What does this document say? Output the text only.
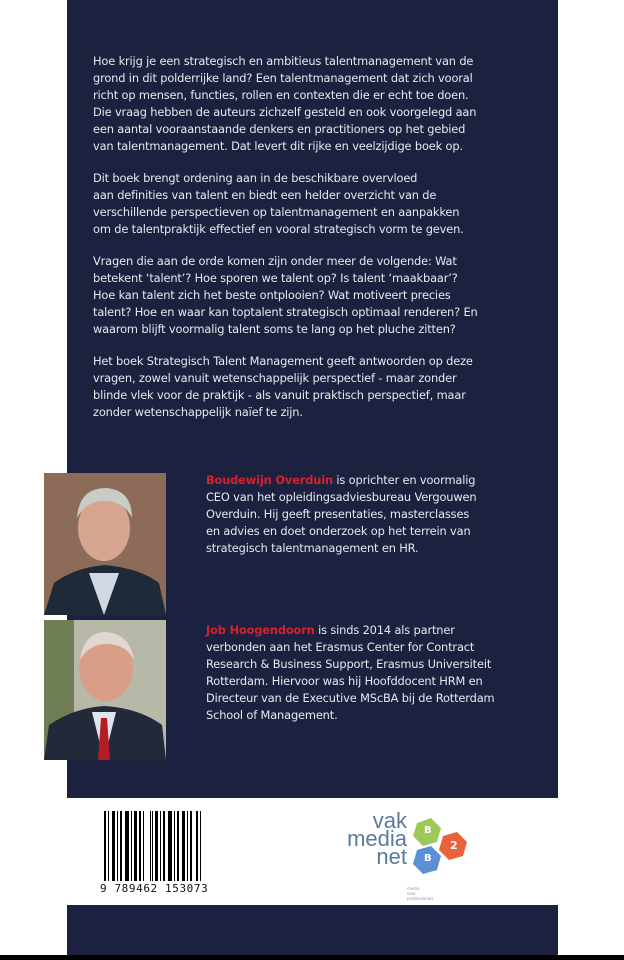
Hoe krijg je een strategisch en ambitieus talentmanagement van de
grond in dit polderrijke land? Een talentmanagement dat zich vooral
richt op mensen, functies, rollen en contexten die er echt toe doen.
Die vraag hebben de auteurs zichzelf gesteld en ook voorgelegd aan
een aantal vooraanstaande denkers en practitioners op het gebied
van talentmanagement. Dat levert dit rijke en veelzijdige boek op.
Dit boek brengt ordening aan in de beschikbare overvloed
aan definities van talent en biedt een helder overzicht van de
verschillende perspectieven op talentmanagement en aanpakken
om de talentpraktijk effectief en vooral strategisch vorm te geven.
Vragen die aan de orde komen zijn onder meer de volgende: Wat
betekent ‘talent’? Hoe sporen we talent op? Is talent ‘maakbaar’?
Hoe kan talent zich het beste ontplooien? Wat motiveert precies
talent? Hoe en waar kan toptalent strategisch optimaal renderen? En
waarom blijft voormalig talent soms te lang op het pluche zitten?
Het boek Strategisch Talent Management geeft antwoorden op deze
vragen, zowel vanuit wetenschappelijk perspectief - maar zonder
blinde vlek voor de praktijk - als vanuit praktisch perspectief, maar
zonder wetenschappelijk naïef te zijn.
Boudewijn Overduin is oprichter en voormalig
CEO van het opleidingsadviesbureau Vergouwen
Overduin. Hij geeft presentaties, masterclasses
en advies en doet onderzoek op het terrein van
strategisch talentmanagement en HR.
Job Hoogendoorn is sinds 2014 als partner
verbonden aan het Erasmus Center for Contract
Research & Business Support, Erasmus Universiteit
Rotterdam. Hiervoor was hij Hoofddocent HRM en
Directeur van de Executive MScBA bij de Rotterdam
School of Management.
9 789462 153073
vak
media
net
B
2
B
media
voor
professionals
